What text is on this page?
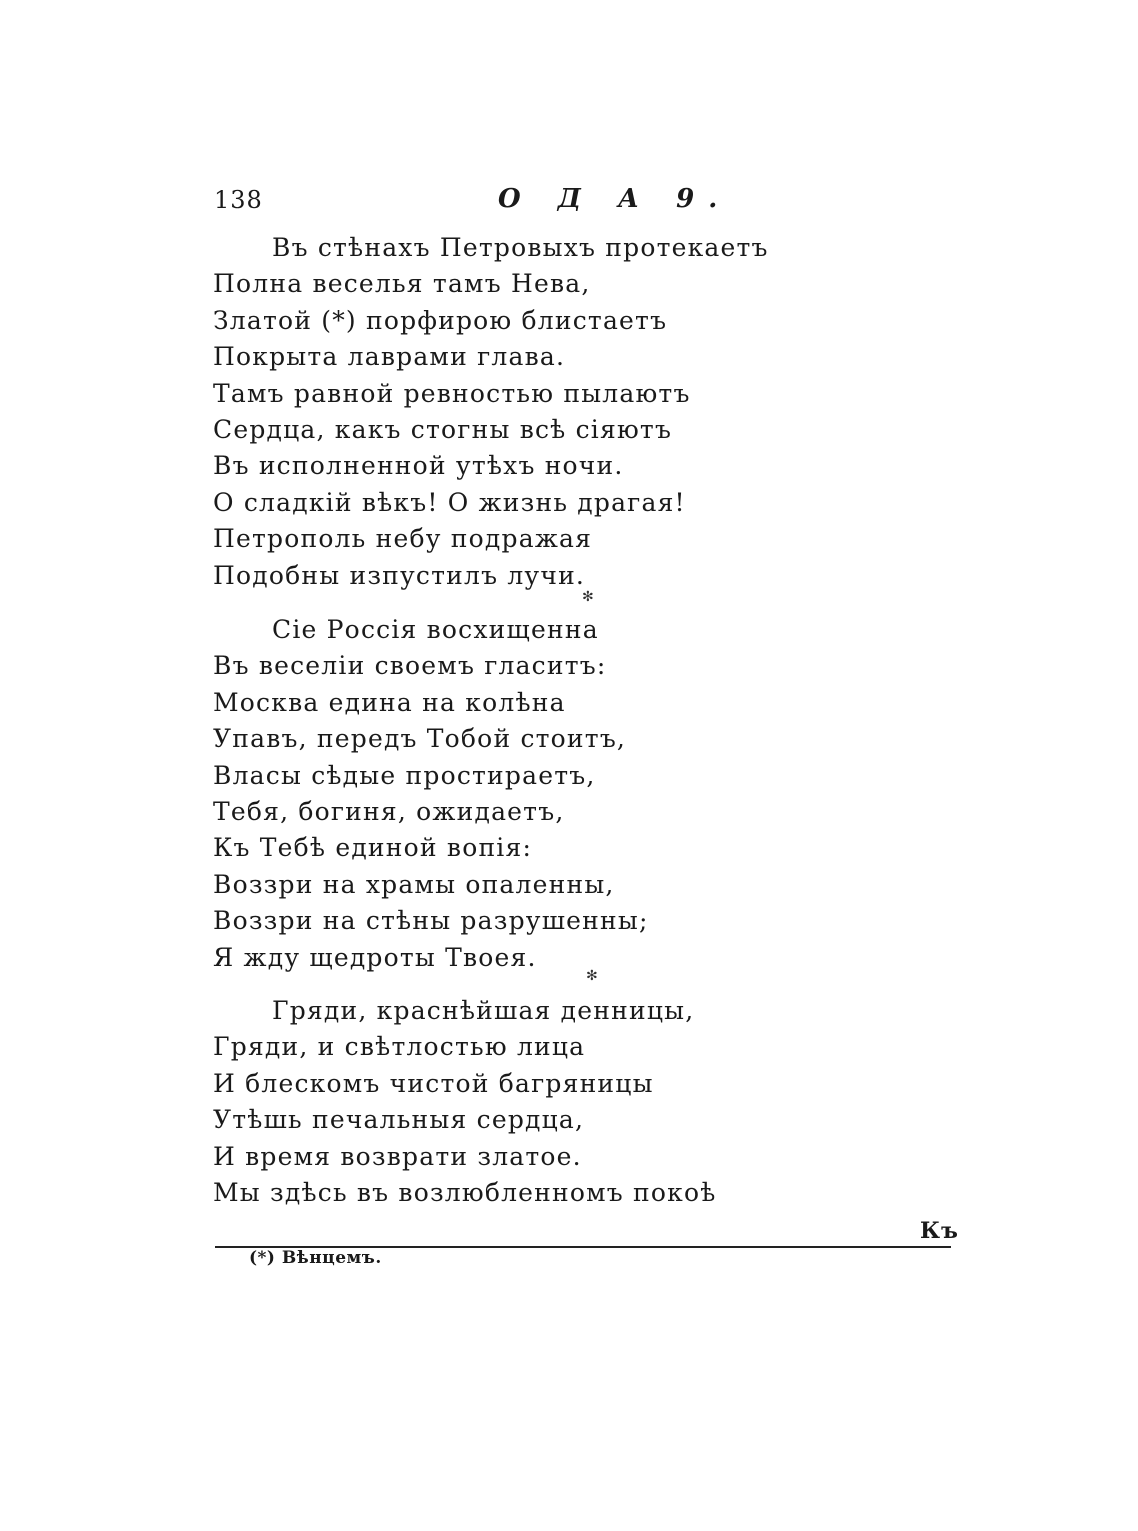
138	О Д А 9.
Въ стѣнахъ Петровыхъ протекаетъ
Полна веселья тамъ Нева,
Златой (*) порфирою блистаетъ
Покрыта лаврами глава.
Тамъ равной ревностью пылаютъ
Сердца, какъ стогны всѣ сіяютъ
Въ исполненной утѣхъ ночи.
О сладкій вѣкъ! О жизнь драгая!
Петрополь небу подражая
Подобны изпустилъ лучи.
✻
Сіе Россія восхищенна
Въ веселіи своемъ гласитъ:
Москва едина на колѣна
Упавъ, передъ Тобой стоитъ,
Власы сѣдые простираетъ,
Тебя, богиня, ожидаетъ,
Къ Тебѣ единой вопія:
Воззри на храмы опаленны,
Воззри на стѣны разрушенны;
Я жду щедроты Твоея.
✻
Гряди, краснѣйшая денницы,
Гряди, и свѣтлостью лица
И блескомъ чистой багряницы
Утѣшь печальныя сердца,
И время возврати златое.
Мы здѣсь въ возлюбленномъ покоѣ
Къ
(*) Вѣнцемъ.
